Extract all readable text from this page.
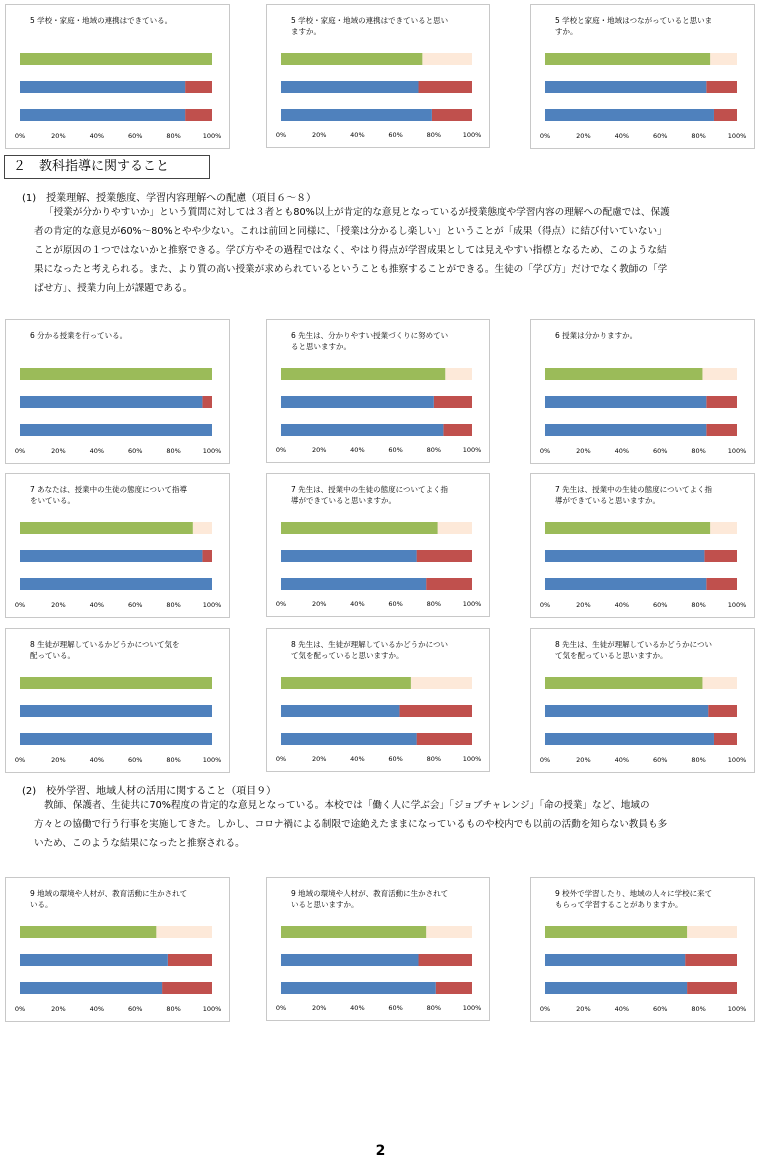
5 学校・家庭・地域の連携はできている。
0%	20%	40%	60%	80%	100%
5 学校・家庭・地域の連携はできていると思い
ますか。
0%	20%	40%	60%	80%	100%
5 学校と家庭・地域はつながっていると思いま
すか。
0%	20%	40%	60%	80%	100%
２　教科指導に関すること
(1)　授業理解、授業態度、学習内容理解への配慮（項目６～８）
「授業が分かりやすいか」という質問に対しては３者とも80%以上が肯定的な意見となっているが授業態度や学習内容の理解への配慮では、保護
者の肯定的な意見が60%～80%とやや少ない。これは前回と同様に、「授業は分かるし楽しい」ということが「成果（得点）に結び付いていない」
ことが原因の１つではないかと推察できる。学び方やその過程ではなく、やはり得点が学習成果としては見えやすい指標となるため、このような結
果になったと考えられる。また、より質の高い授業が求められているということも推察することができる。生徒の「学び方」だけでなく教師の「学
ばせ方」、授業力向上が課題である。
6 分かる授業を行っている。
0%	20%	40%	60%	80%	100%
6 先生は、分かりやすい授業づくりに努めてい
ると思いますか。
0%	20%	40%	60%	80%	100%
6 授業は分かりますか。
0%	20%	40%	60%	80%	100%
7 あなたは、授業中の生徒の態度について指導
をいている。
0%	20%	40%	60%	80%	100%
7 先生は、授業中の生徒の態度についてよく指
導ができていると思いますか。
0%	20%	40%	60%	80%	100%
7 先生は、授業中の生徒の態度についてよく指
導ができていると思いますか。
0%	20%	40%	60%	80%	100%
8 生徒が理解しているかどうかについて気を
配っている。
0%	20%	40%	60%	80%	100%
8 先生は、生徒が理解しているかどうかについ
て気を配っていると思いますか。
0%	20%	40%	60%	80%	100%
8 先生は、生徒が理解しているかどうかについ
て気を配っていると思いますか。
0%	20%	40%	60%	80%	100%
(2)　校外学習、地域人材の活用に関すること（項目９）
教師、保護者、生徒共に70%程度の肯定的な意見となっている。本校では「働く人に学ぶ会」「ジョブチャレンジ」「命の授業」など、地域の
方々との協働で行う行事を実施してきた。しかし、コロナ禍による制限で途絶えたままになっているものや校内でも以前の活動を知らない教員も多
いため、このような結果になったと推察される。
9 地域の環境や人材が、教育活動に生かされて
いる。
0%	20%	40%	60%	80%	100%
9 地域の環境や人材が、教育活動に生かされて
いると思いますか。
0%	20%	40%	60%	80%	100%
9 校外で学習したり、地域の人々に学校に来て
もらって学習することがありますか。
0%	20%	40%	60%	80%	100%
2
